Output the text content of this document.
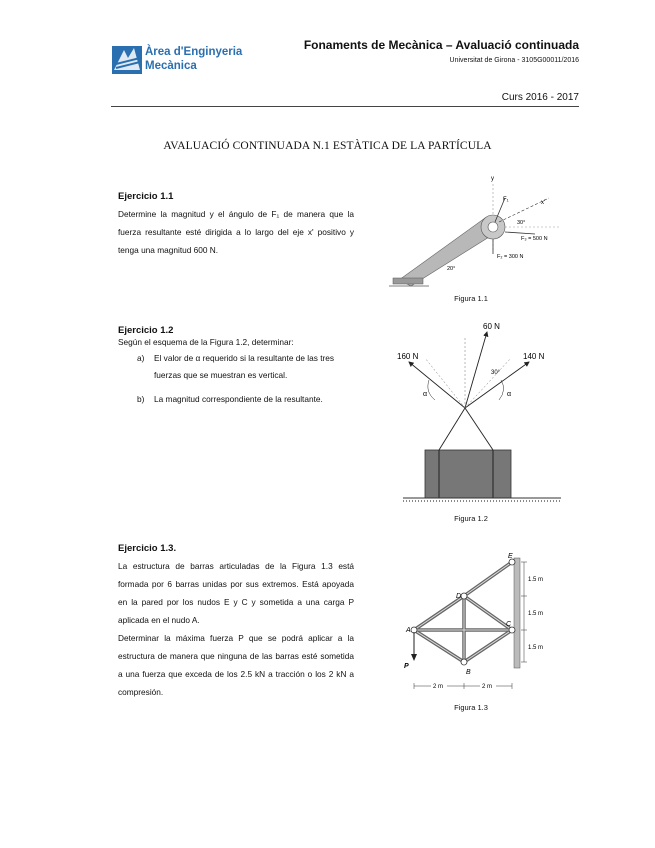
Àrea d'Enginyeria
Mecànica
Fonaments de Mecànica – Avaluació continuada
Universitat de Girona - 3105G00011/2016
Curs 2016 - 2017
AVALUACIÓ CONTINUADA N.1 ESTÀTICA DE LA PARTÍCULA
Ejercicio 1.1
Determine la magnitud y el ángulo de F₁ de manera que la fuerza resultante esté dirigida a lo largo del eje x' positivo y tenga una magnitud 600 N.
y
F₁	x'
30°
F₃ = 500 N
F₂ = 300 N
20°
Figura 1.1
Ejercicio 1.2
Según el esquema de la Figura 1.2, determinar:
a) El valor de α requerido si la resultante de las tres fuerzas que se muestran es vertical.
b) La magnitud correspondiente de la resultante.
60 N
160 N	140 N
α	α
30°
Figura 1.2
Ejercicio 1.3.
La estructura de barras articuladas de la Figura 1.3 está formada por 6 barras unidas por sus extremos. Está apoyada en la pared por los nudos E y C y sometida a una carga P aplicada en el nudo A.
Determinar la máxima fuerza P que se podrá aplicar a la estructura de manera que ninguna de las barras esté sometida a una fuerza que exceda de los 2.5 kN a tracción o los 2 kN a compresión.
E
D
A
B
C
P
1.5 m
1.5 m
1.5 m
2 m	2 m
Figura 1.3
